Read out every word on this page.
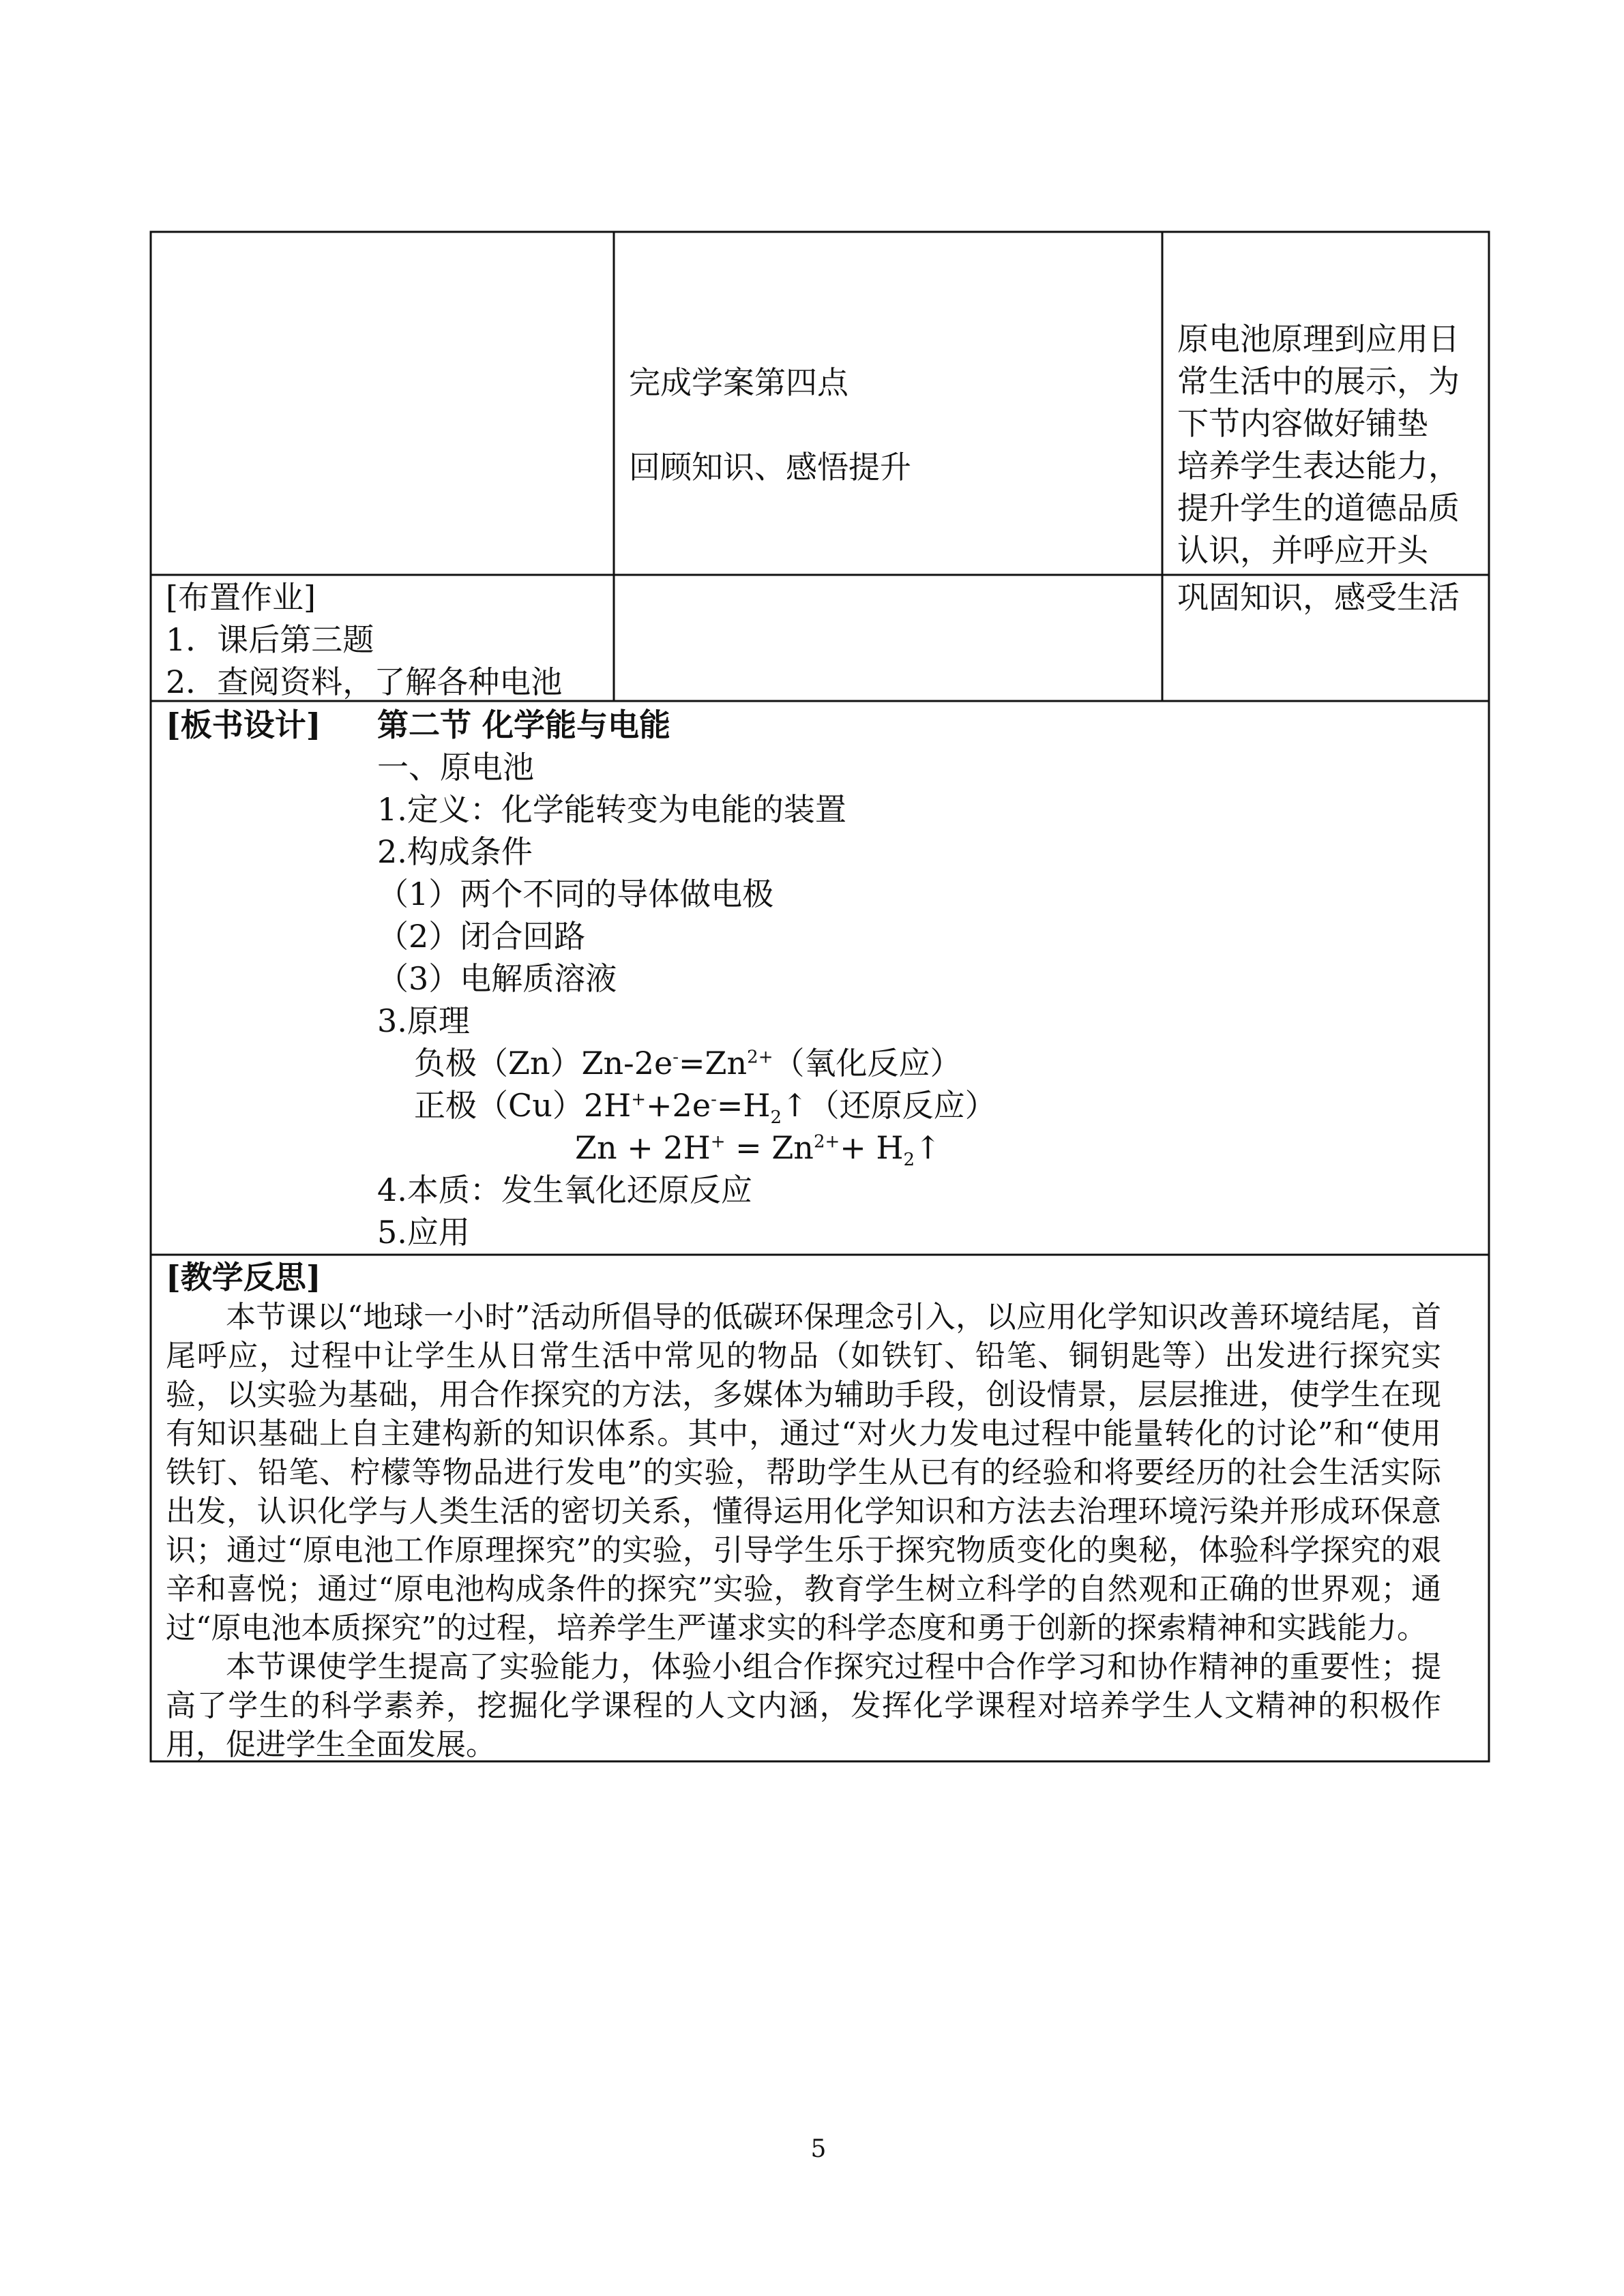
完成学案第四点
回顾知识、感悟提升
原电池原理到应用日
常生活中的展示，为
下节内容做好铺垫
培养学生表达能力，
提升学生的道德品质
认识，并呼应开头
[布置作业]
1．课后第三题
2．查阅资料，了解各种电池
巩固知识，感受生活
[板书设计] 第二节 化学能与电能
一、原电池
1.定义：化学能转变为电能的装置
2.构成条件
（1）两个不同的导体做电极
（2）闭合回路
（3）电解质溶液
3.原理
负极$(Zn)Zn-2e^-=Zn^{2+}$（氧化反应）
正极$(Cu)2H^++2e^-=H_2↑$（还原反应）
$Zn + 2H^+ = Zn^{2+}+$ $H_2↑$
4.本质：发生氧化还原反应
5.应用
[教学反思]

本节课以“地球一小时”活动所倡导的低碳环保理念引入，以应用化学知识改善环境结尾，首尾呼应，过程中让学生从日常生活中常见的物品（如铁钉、铅笔、铜钥匙等）出发进行探究实验，以实验为基础，用合作探究的方法，多媒体为辅助手段，创设情景，层层推进，使学生在现有知识基础上自主建构新的知识体系。其中，通过“对火力发电过程中能量转化的讨论”和“使用铁钉、铅笔、柠檬等物品进行发电”的实验，帮助学生从已有的经验和将要经历的社会生活实际出发，认识化学与人类生活的密切关系，懂得运用化学知识和方法去治理环境污染并形成环保意识；通过“原电池工作原理探究”的实验，引导学生乐于探究物质变化的奥秘，体验科学探究的艰辛和喜悦；通过“原电池构成条件的探究”实验，教育学生树立科学的自然观和正确的世界观；通过“原电池本质探究”的过程，培养学生严谨求实的科学态度和勇于创新的探索精神和实践能力。

本节课使学生提高了实验能力，体验小组合作探究过程中合作学习和协作精神的重要性；提高了学生的科学素养，挖掘化学课程的人文内涵，发挥化学课程对培养学生人文精神的积极作用，促进学生全面发展。

5
